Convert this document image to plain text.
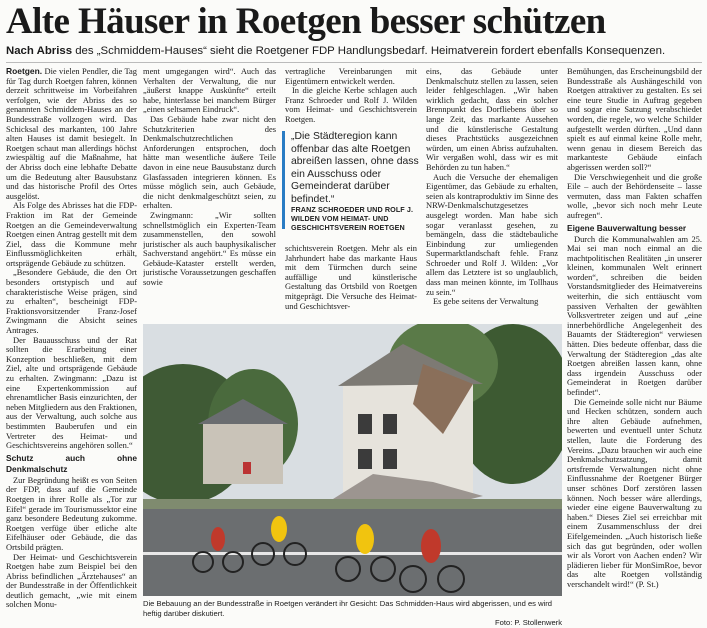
Alte Häuser in Roetgen besser schützen
Nach Abriss des „Schmiddem-Hauses“ sieht die Roetgener FDP Handlungsbedarf. Heimatverein fordert ebenfalls Konsequenzen.

Roetgen. Die vielen Pendler, die Tag für Tag durch Roetgen fahren, können derzeit schrittweise im Vorbeifahren verfolgen, wie der Abriss des so genannten Schmiddem-Hauses an der Bundesstraße vollzogen wird. Das Schicksal des markanten, 100 Jahre alten Hauses ist damit besiegelt. In Roetgen schaut man allerdings höchst zwiespältig auf die Maßnahme, hat der Abriss doch eine lebhafte Debatte um die Bedeutung alter Bausubstanz und das historische Profil des Ortes ausgelöst.

Als Folge des Abrisses hat die FDP-Fraktion im Rat der Gemeinde Roetgen an die Gemeindeverwaltung Roetgen einen Antrag gestellt mit dem Ziel, dass die Kommune mehr Einflussmöglichkeiten erhält, ortsprägende Gebäude zu schützen.

„Besondere Gebäude, die den Ort besonders ortstypisch und auf charakteristische Weise prägen, sind zu erhalten“, bescheinigt FDP-Fraktionsvorsitzender Franz-Josef Zwingmann die Absicht seines Antrages.

Der Bauausschuss und der Rat sollten die Erarbeitung einer Konzeption beschließen, mit dem Ziel, alte und ortsprägende Gebäude zu erhalten. Zwingmann: „Dazu ist eine Expertenkommission auf ehrenamtlicher Basis einzurichten, der neben Mitgliedern aus den Fraktionen, aus der Verwaltung, auch solche aus bestimmten Bauberufen und ein Vertreter des Heimat- und Geschichtsvereins angehören sollen.“

Schutz auch ohne Denkmalschutz

Zur Begründung heißt es von Seiten der FDP, dass auf die Gemeinde Roetgen in ihrer Rolle als „Tor zur Eifel“ gerade im Tourismussektor eine ganz besondere Bedeutung zukomme. Roetgen verfüge über etliche alte Eifelhäuser oder Gebäude, die das Ortsbild prägten.

Der Heimat- und Geschichtsverein Roetgen habe zum Beispiel bei den Abriss befindlichen „Ärztehauses“ an der Bundesstraße in der Öffentlichkeit deutlich gemacht, „wie mit einem solchen Monu-

ment umgegangen wird“. Auch das Verhalten der Verwaltung, die nur „äußerst knappe Auskünfte“ erteilt habe, hinterlasse bei manchem Bürger „einen seltsamen Eindruck“.

Das Gebäude habe zwar nicht den Schutzkriterien des Denkmalschutzrechtlichen Anforderungen entsprochen, doch hätte man wesentliche äußere Teile davon in eine neue Bausubstanz durch Glasfassaden integrieren können. Es müsse möglich sein, auch Gebäude, die nicht denkmalgeschützt seien, zu erhalten.

Zwingmann: „Wir sollten schnellstmöglich ein Experten-Team zusammenstellen, den sowohl juristischer als auch bauphysikalischer Sachverstand angehört.“ Es müsse ein Gebäude-Kataster erstellt werden, juristische Voraussetzungen geschaffen sowie

vertragliche Vereinbarungen mit Eigentümern entwickelt werden.

In die gleiche Kerbe schlagen auch Franz Schroeder und Rolf J. Wilden vom Heimat- und Geschichtsverein Roetgen.

„Die Städteregion kann offenbar das alte Roetgen abreißen lassen, ohne dass ein Ausschuss oder Gemeinderat darüber befindet.“
FRANZ SCHROEDER UND ROLF J. WILDEN VOM HEIMAT- UND GESCHICHTSVEREIN ROETGEN

schichtsverein Roetgen. Mehr als ein Jahrhundert habe das markante Haus mit dem Türmchen durch seine auffällige und künstlerische Gestaltung das Ortsbild von Roetgen mitgeprägt. Die Versuche des Heimat- und Geschichtsver-

eins, das Gebäude unter Denkmalschutz stellen zu lassen, seien leider fehlgeschlagen. „Wir haben wirklich gedacht, dass ein solcher Brennpunkt des Dorfliebens über so lange Zeit, das markante Aussehen und die künstlerische Gestaltung dieses Prachtstücks ausgezeichnen würden, um einen Abriss aufzuhalten. Wir vergaßen wohl, dass wir es mit Behörden zu tun haben.“

Auch die Versuche der ehemaligen Eigentümer, das Gebäude zu erhalten, seien als kontraproduktiv im Sinne des NRW-Denkmalschutzgesetzes ausgelegt worden. Man habe sich sogar veranlasst gesehen, zu bemängeln, dass die städtebauliche Einbindung zur umliegenden Supermarktlandschaft fehle. Franz Schroeder und Rolf J. Wilden: „Vor allem das Letztere ist so unglaublich, dass man meinen könnte, im Tollhaus zu sein.“

Es gebe seitens der Verwaltung

Bemühungen, das Erscheinungsbild der Bundesstraße als Aushängeschild von Roetgen attraktiver zu gestalten. Es sei eine teure Studie in Auftrag gegeben und sogar eine Satzung verabschiedet worden, die regele, wo welche Schilder aufgestellt werden dürften. „Und dann spielt es auf einmal keine Rolle mehr, wenn genau in diesem Bereich das markanteste Gebäude einfach abgerissen werden soll?“

Die Verschwiegenheit und die große Eile – auch der Behördenseite – lasse vermuten, dass man Fakten schaffen wolle, „bevor sich noch mehr Leute aufregen“.

Eigene Bauverwaltung besser

Durch die Kommunalwahlen am 25. Mai sei man noch einmal an die machtpolitischen Realitäten „in unserer kleinen, kommunalen Welt erinnert worden“, schreiben die beiden Vorstandsmitglieder des Heimatvereins weiterhin, die sich enttäuscht vom passiven Verhalten der gewählten Volksvertreter zeigen und auf „eine innerbehördliche Angelegenheit des Bauamts der Städteregion“ verwiesen hätten. Dies bedeute offenbar, dass die Verwaltung der Städteregion „das alte Roetgen abreißen lassen kann, ohne dass irgendein Ausschuss oder Gemeinderat in Roetgen darüber befindet“.

Die Gemeinde solle nicht nur Bäume und Hecken schützen, sondern auch ihre alten Gebäude aufnehmen, bewerten und eventuell unter Schutz stellen, laute die Forderung des Vereins. „Dazu brauchen wir auch eine Denkmalschutzsatzung, damit ortsfremde Verwaltungen nicht ohne Einflussnahme der Roetgener Bürger unser schönes Dorf zerstören lassen können. Noch besser wäre allerdings, wieder eine eigene Bauverwaltung zu haben.“ Dieses Ziel sei erreichbar mit einem Zusammenschluss der drei Eifelgemeinden. „Auch historisch ließe sich das gut begründen, oder wollen wir als Vorort von Aachen enden? Wir plädieren lieber für MonSimRoe, bevor das alte Roetgen vollständig verschandelt wird!“ (P. St.)

Die Bebauung an der Bundesstraße in Roetgen verändert ihr Gesicht: Das Schmidden-Haus wird abgerissen, und es wird heftig darüber diskutiert.
Foto: P. Stollenwerk
